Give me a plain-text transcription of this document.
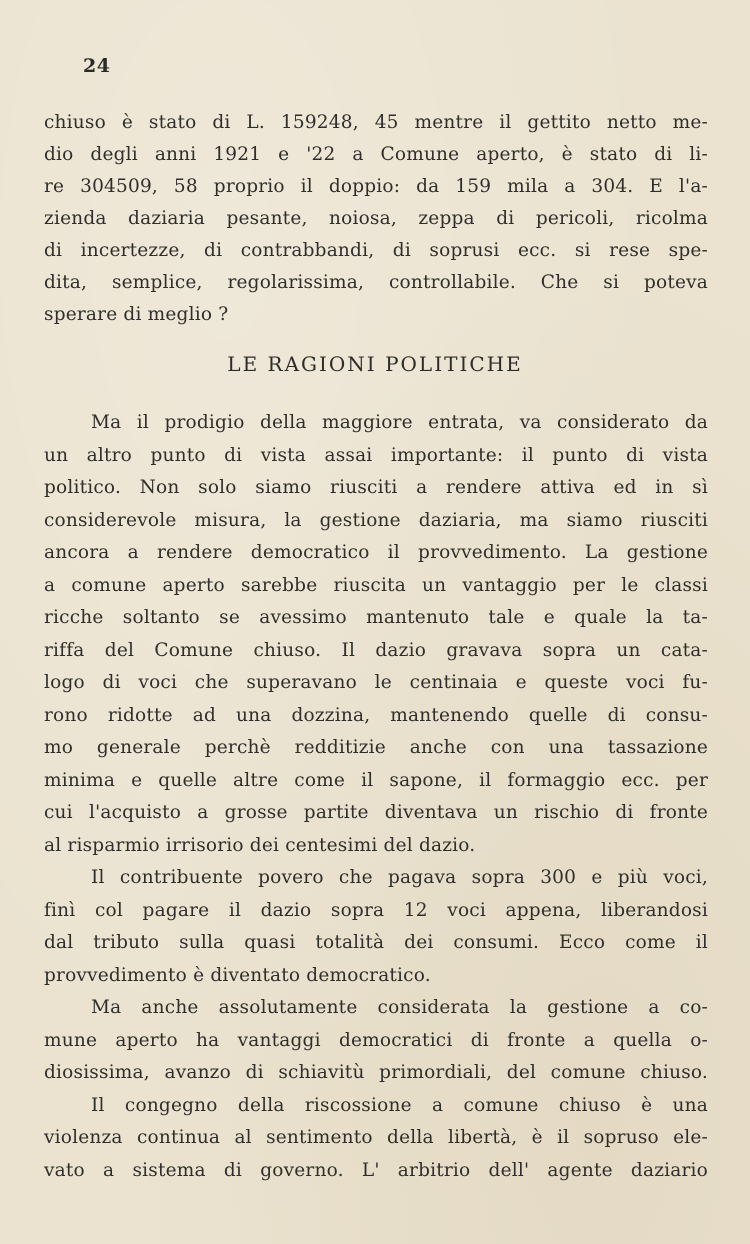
24
chiuso è stato di L. 159248, 45 mentre il gettito netto me-
dio degli anni 1921 e '22 a Comune aperto, è stato di li-
re 304509, 58 proprio il doppio: da 159 mila a 304. E l'a-
zienda daziaria pesante, noiosa, zeppa di pericoli, ricolma
di incertezze, di contrabbandi, di soprusi ecc. si rese spe-
dita, semplice, regolarissima, controllabile. Che si poteva
sperare di meglio ?
LE RAGIONI POLITICHE
Ma il prodigio della maggiore entrata, va considerato da
un altro punto di vista assai importante: il punto di vista
politico. Non solo siamo riusciti a rendere attiva ed in sì
considerevole misura, la gestione daziaria, ma siamo riusciti
ancora a rendere democratico il provvedimento. La gestione
a comune aperto sarebbe riuscita un vantaggio per le classi
ricche soltanto se avessimo mantenuto tale e quale la ta-
riffa del Comune chiuso. Il dazio gravava sopra un cata-
logo di voci che superavano le centinaia e queste voci fu-
rono ridotte ad una dozzina, mantenendo quelle di consu-
mo generale perchè redditizie anche con una tassazione
minima e quelle altre come il sapone, il formaggio ecc. per
cui l'acquisto a grosse partite diventava un rischio di fronte
al risparmio irrisorio dei centesimi del dazio.
Il contribuente povero che pagava sopra 300 e più voci,
finì col pagare il dazio sopra 12 voci appena, liberandosi
dal tributo sulla quasi totalità dei consumi. Ecco come il
provvedimento è diventato democratico.
Ma anche assolutamente considerata la gestione a co-
mune aperto ha vantaggi democratici di fronte a quella o-
diosissima, avanzo di schiavitù primordiali, del comune chiuso.
Il congegno della riscossione a comune chiuso è una
violenza continua al sentimento della libertà, è il sopruso ele-
vato a sistema di governo. L' arbitrio dell' agente daziario
